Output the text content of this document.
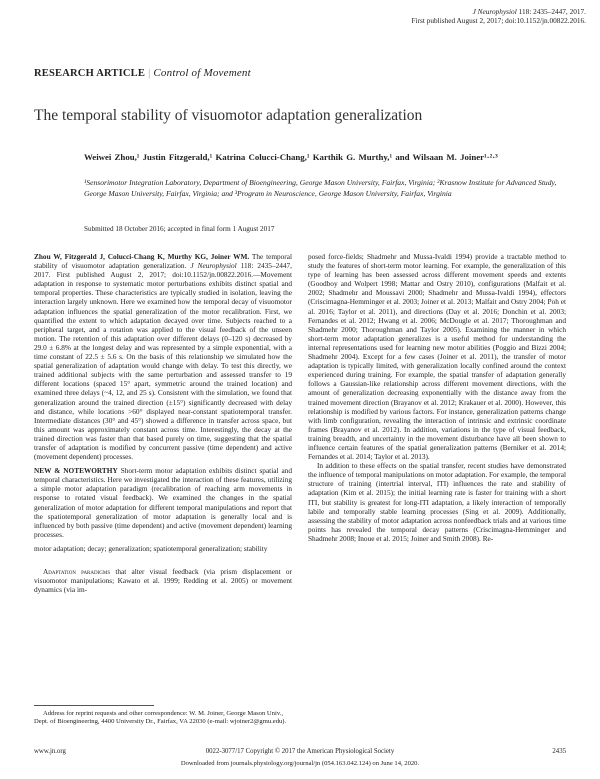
J Neurophysiol 118: 2435–2447, 2017.
First published August 2, 2017; doi:10.1152/jn.00822.2016.
RESEARCH ARTICLE | Control of Movement
The temporal stability of visuomotor adaptation generalization
Weiwei Zhou,¹ Justin Fitzgerald,¹ Katrina Colucci-Chang,¹ Karthik G. Murthy,¹ and Wilsaan M. Joiner¹·²·³
¹Sensorimotor Integration Laboratory, Department of Bioengineering, George Mason University, Fairfax, Virginia; ²Krasnow Institute for Advanced Study, George Mason University, Fairfax, Virginia; and ³Program in Neuroscience, George Mason University, Fairfax, Virginia
Submitted 18 October 2016; accepted in final form 1 August 2017

Zhou W, Fitzgerald J, Colucci-Chang K, Murthy KG, Joiner WM. The temporal stability of visuomotor adaptation generalization. J Neurophysiol 118: 2435–2447, 2017. First published August 2, 2017; doi:10.1152/jn.00822.2016.—Movement adaptation in response to systematic motor perturbations exhibits distinct spatial and temporal properties. These characteristics are typically studied in isolation, leaving the interaction largely unknown. Here we examined how the temporal decay of visuomotor adaptation influences the spatial generalization of the motor recalibration. First, we quantified the extent to which adaptation decayed over time. Subjects reached to a peripheral target, and a rotation was applied to the visual feedback of the unseen motion. The retention of this adaptation over different delays (0–120 s) decreased by 29.0 ± 6.8% at the longest delay and was represented by a simple exponential, with a time constant of 22.5 ± 5.6 s. On the basis of this relationship we simulated how the spatial generalization of adaptation would change with delay. To test this directly, we trained additional subjects with the same perturbation and assessed transfer to 19 different locations (spaced 15° apart, symmetric around the trained location) and examined three delays (~4, 12, and 25 s). Consistent with the simulation, we found that generalization around the trained direction (±15°) significantly decreased with delay and distance, while locations >60° displayed near-constant spatiotemporal transfer. Intermediate distances (30° and 45°) showed a difference in transfer across space, but this amount was approximately constant across time. Interestingly, the decay at the trained direction was faster than that based purely on time, suggesting that the spatial transfer of adaptation is modified by concurrent passive (time dependent) and active (movement dependent) processes.

NEW & NOTEWORTHY Short-term motor adaptation exhibits distinct spatial and temporal characteristics. Here we investigated the interaction of these features, utilizing a simple motor adaptation paradigm (recalibration of reaching arm movements in response to rotated visual feedback). We examined the changes in the spatial generalization of motor adaptation for different temporal manipulations and report that the spatiotemporal generalization of motor adaptation is generally local and is influenced by both passive (time dependent) and active (movement dependent) learning processes.

motor adaptation; decay; generalization; spatiotemporal generalization; stability

Adaptation paradigms that alter visual feedback (via prism displacement or visuomotor manipulations; Kawato et al. 1999; Redding et al. 2005) or movement dynamics (via im-

posed force-fields; Shadmehr and Mussa-Ivaldi 1994) provide a tractable method to study the features of short-term motor learning. For example, the generalization of this type of learning has been assessed across different movement speeds and extents (Goodboy and Wolpert 1998; Mattar and Ostry 2010), configurations (Malfait et al. 2002; Shadmehr and Moussavi 2000; Shadmehr and Mussa-Ivaldi 1994), effectors (Criscimagna-Hemminger et al. 2003; Joiner et al. 2013; Malfait and Ostry 2004; Poh et al. 2016; Taylor et al. 2011), and directions (Day et al. 2016; Donchin et al. 2003; Fernandes et al. 2012; Hwang et al. 2006; McDougle et al. 2017; Thoroughman and Shadmehr 2000; Thoroughman and Taylor 2005). Examining the manner in which short-term motor adaptation generalizes is a useful method for understanding the internal representations used for learning new motor abilities (Poggio and Bizzi 2004; Shadmehr 2004). Except for a few cases (Joiner et al. 2011), the transfer of motor adaptation is typically limited, with generalization locally confined around the context experienced during training. For example, the spatial transfer of adaptation generally follows a Gaussian-like relationship across different movement directions, with the amount of generalization decreasing exponentially with the distance away from the trained movement direction (Brayanov et al. 2012; Krakauer et al. 2000). However, this relationship is modified by various factors. For instance, generalization patterns change with limb configuration, revealing the interaction of intrinsic and extrinsic coordinate frames (Brayanov et al. 2012). In addition, variations in the type of visual feedback, training breadth, and uncertainty in the movement disturbance have all been shown to influence certain features of the spatial generalization patterns (Berniker et al. 2014; Fernandes et al. 2014; Taylor et al. 2013).

In addition to these effects on the spatial transfer, recent studies have demonstrated the influence of temporal manipulations on motor adaptation. For example, the temporal structure of training (intertrial interval, ITI) influences the rate and stability of adaptation (Kim et al. 2015); the initial learning rate is faster for training with a short ITI, but stability is greatest for long-ITI adaptation, a likely interaction of temporally labile and temporally stable learning processes (Sing et al. 2009). Additionally, assessing the stability of motor adaptation across nonfeedback trials and at various time points has revealed the temporal decay patterns (Criscimagna-Hemminger and Shadmehr 2008; Inoue et al. 2015; Joiner and Smith 2008). Re-

Address for reprint requests and other correspondence: W. M. Joiner, George Mason Univ., Dept. of Bioengineering, 4400 University Dr., Fairfax, VA 22030 (e-mail: wjoiner2@gmu.edu).

www.jn.org	0022-3077/17 Copyright © 2017 the American Physiological Society	2435
Downloaded from journals.physiology.org/journal/jn (054.163.042.124) on June 14, 2020.
